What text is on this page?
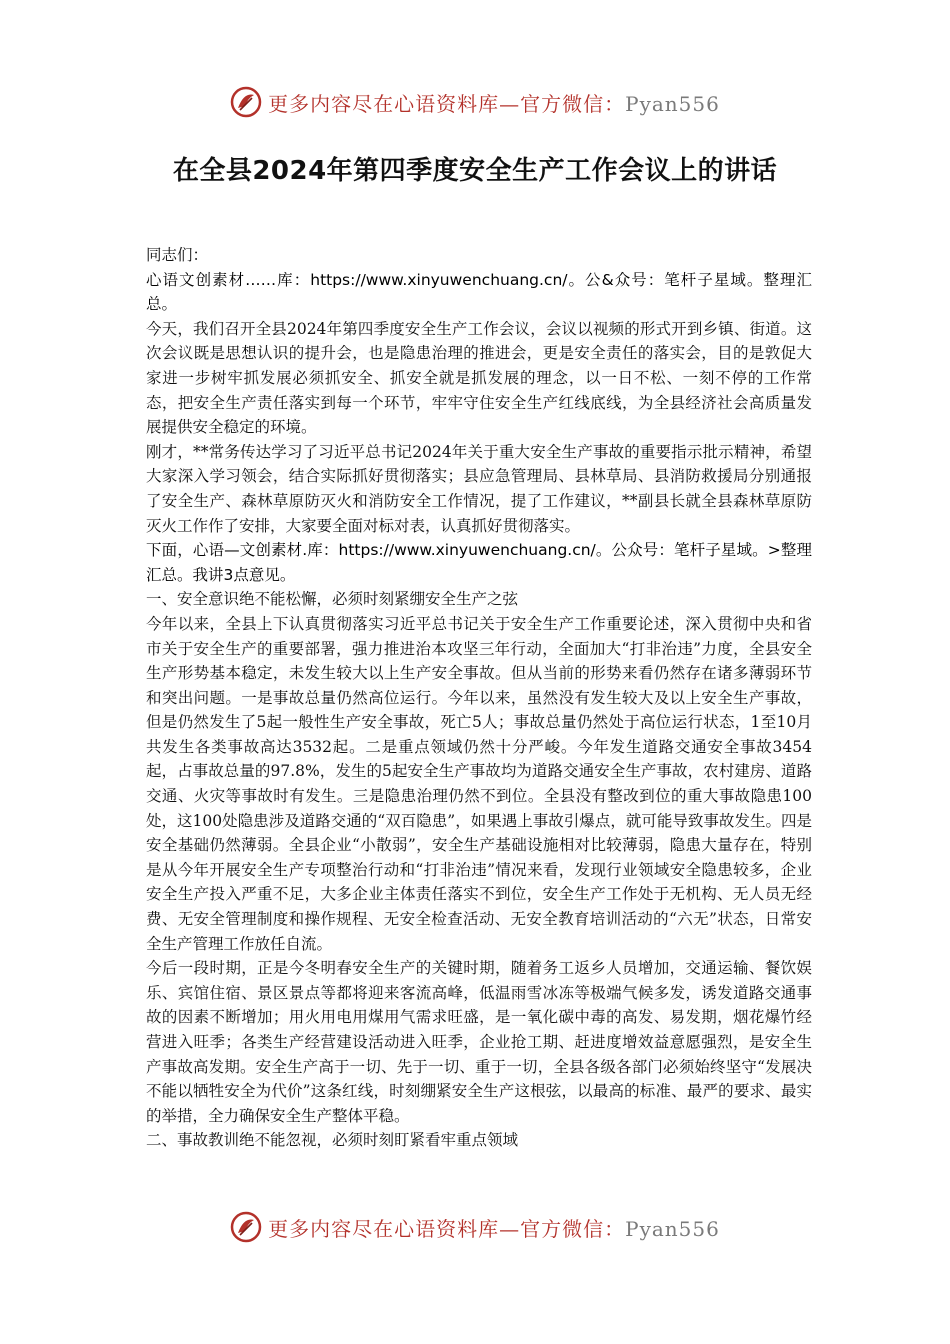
更多内容尽在心语资料库—官方微信：Pyan556
在全县2024年第四季度安全生产工作会议上的讲话

同志们：

心语文创素材……库：https://www.xinyuwenchuang.cn/。公&众号：笔杆子星域。整理汇总。

今天，我们召开全县2024年第四季度安全生产工作会议，会议以视频的形式开到乡镇、街道。这次会议既是思想认识的提升会，也是隐患治理的推进会，更是安全责任的落实会，目的是敦促大家进一步树牢抓发展必须抓安全、抓安全就是抓发展的理念，以一日不松、一刻不停的工作常态，把安全生产责任落实到每一个环节，牢牢守住安全生产红线底线，为全县经济社会高质量发展提供安全稳定的环境。

刚才，**常务传达学习了习近平总书记2024年关于重大安全生产事故的重要指示批示精神，希望大家深入学习领会，结合实际抓好贯彻落实；县应急管理局、县林草局、县消防救援局分别通报了安全生产、森林草原防灭火和消防安全工作情况，提了工作建议，**副县长就全县森林草原防灭火工作作了安排，大家要全面对标对表，认真抓好贯彻落实。

下面，心语—文创素材.库：https://www.xinyuwenchuang.cn/。公众号：笔杆子星域。>整理汇总。我讲3点意见。

一、安全意识绝不能松懈，必须时刻紧绷安全生产之弦

今年以来，全县上下认真贯彻落实习近平总书记关于安全生产工作重要论述，深入贯彻中央和省市关于安全生产的重要部署，强力推进治本攻坚三年行动，全面加大“打非治违”力度，全县安全生产形势基本稳定，未发生较大以上生产安全事故。但从当前的形势来看仍然存在诸多薄弱环节和突出问题。一是事故总量仍然高位运行。今年以来，虽然没有发生较大及以上安全生产事故，但是仍然发生了5起一般性生产安全事故，死亡5人；事故总量仍然处于高位运行状态，1至10月共发生各类事故高达3532起。二是重点领域仍然十分严峻。今年发生道路交通安全事故3454起，占事故总量的97.8%，发生的5起安全生产事故均为道路交通安全生产事故，农村建房、道路交通、火灾等事故时有发生。三是隐患治理仍然不到位。全县没有整改到位的重大事故隐患100处，这100处隐患涉及道路交通的“双百隐患”，如果遇上事故引爆点，就可能导致事故发生。四是安全基础仍然薄弱。全县企业“小散弱”，安全生产基础设施相对比较薄弱，隐患大量存在，特别是从今年开展安全生产专项整治行动和“打非治违”情况来看，发现行业领域安全隐患较多，企业安全生产投入严重不足，大多企业主体责任落实不到位，安全生产工作处于无机构、无人员无经费、无安全管理制度和操作规程、无安全检查活动、无安全教育培训活动的“六无”状态，日常安全生产管理工作放任自流。

今后一段时期，正是今冬明春安全生产的关键时期，随着务工返乡人员增加，交通运输、餐饮娱乐、宾馆住宿、景区景点等都将迎来客流高峰，低温雨雪冰冻等极端气候多发，诱发道路交通事故的因素不断增加；用火用电用煤用气需求旺盛，是一氧化碳中毒的高发、易发期，烟花爆竹经营进入旺季；各类生产经营建设活动进入旺季，企业抢工期、赶进度增效益意愿强烈，是安全生产事故高发期。安全生产高于一切、先于一切、重于一切，全县各级各部门必须始终坚守“发展决不能以牺牲安全为代价”这条红线，时刻绷紧安全生产这根弦，以最高的标准、最严的要求、最实的举措，全力确保安全生产整体平稳。

二、事故教训绝不能忽视，必须时刻盯紧看牢重点领域

更多内容尽在心语资料库—官方微信：Pyan556
